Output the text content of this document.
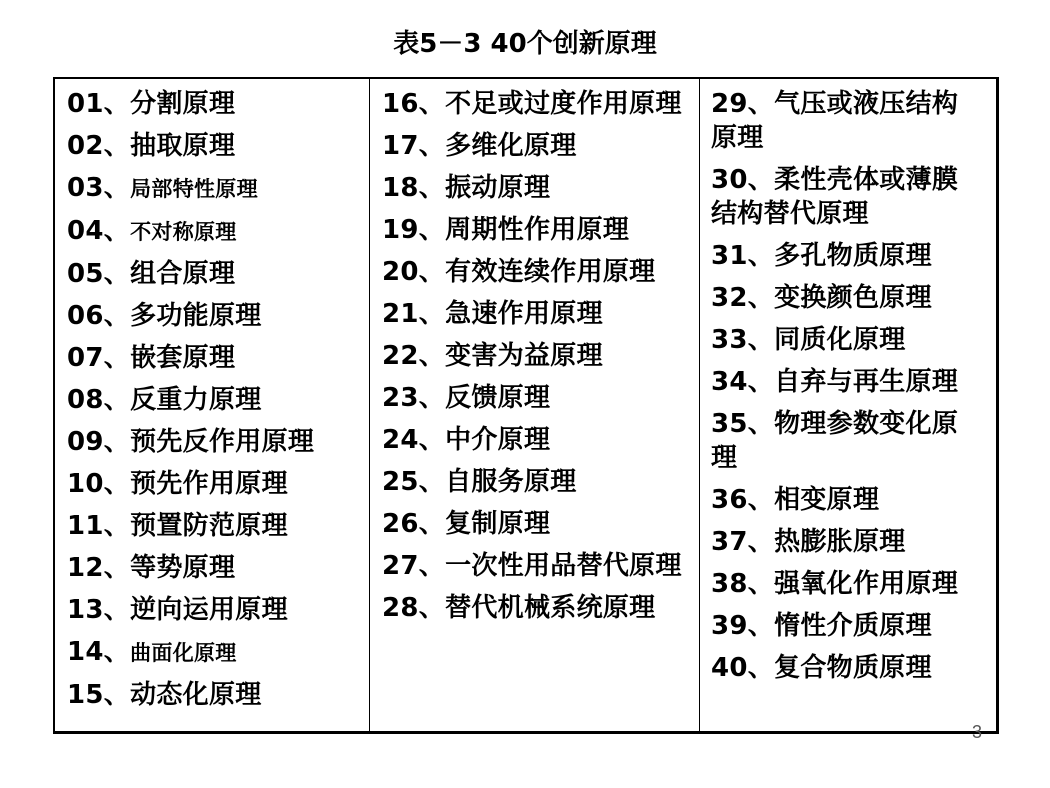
表5－3 40个创新原理
01、分割原理
02、抽取原理
03、局部特性原理
04、不对称原理
05、组合原理
06、多功能原理
07、嵌套原理
08、反重力原理
09、预先反作用原理
10、预先作用原理
11、预置防范原理
12、等势原理
13、逆向运用原理
14、曲面化原理
15、动态化原理
16、不足或过度作用原理
17、多维化原理
18、振动原理
19、周期性作用原理
20、有效连续作用原理
21、急速作用原理
22、变害为益原理
23、反馈原理
24、中介原理
25、自服务原理
26、复制原理
27、一次性用品替代原理
28、替代机械系统原理
29、气压或液压结构原理
30、柔性壳体或薄膜结构替代原理
31、多孔物质原理
32、变换颜色原理
33、同质化原理
34、自弃与再生原理
35、物理参数变化原理
36、相变原理
37、热膨胀原理
38、强氧化作用原理
39、惰性介质原理
40、复合物质原理
3
